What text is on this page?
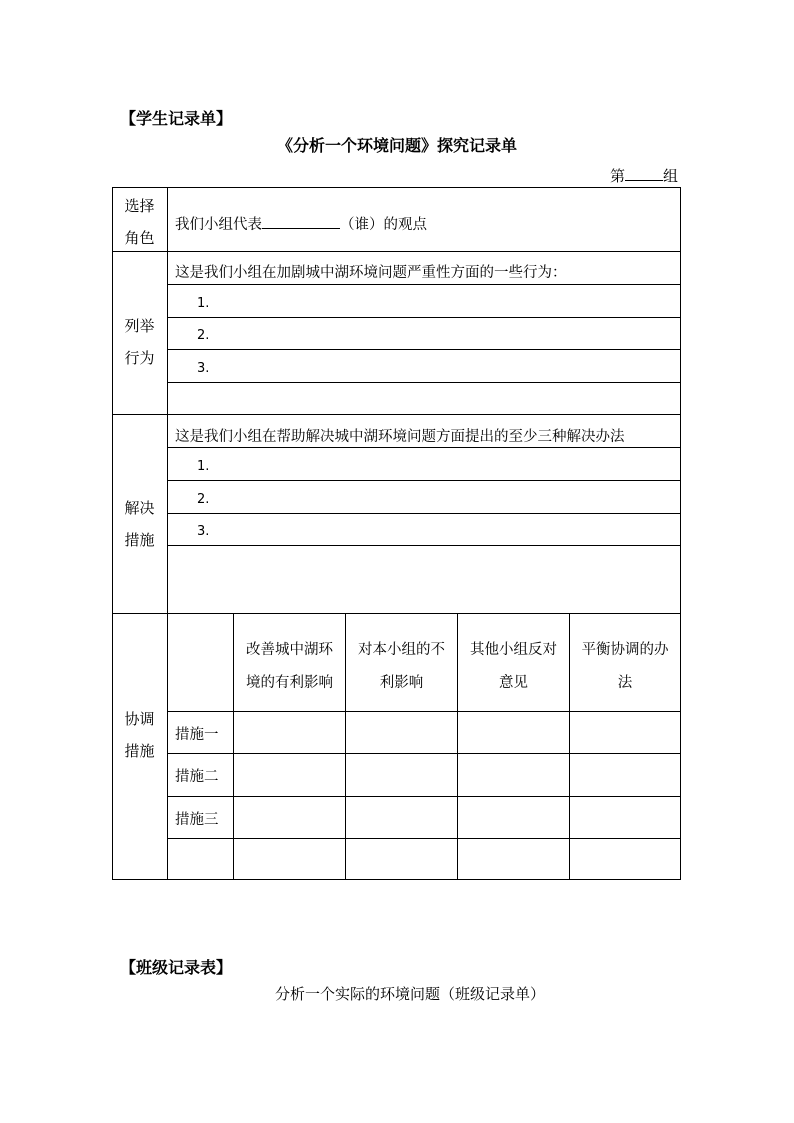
【学生记录单】
《分析一个环境问题》探究记录单
第	组
选择
角色
我们小组代表	（谁）的观点
列举
行为
这是我们小组在加剧城中湖环境问题严重性方面的一些行为：
1.
2.
3.
解决
措施
这是我们小组在帮助解决城中湖环境问题方面提出的至少三种解决办法
1.
2.
3.
协调
措施
改善城中湖环
境的有利影响
对本小组的不
利影响
其他小组反对
意见
平衡协调的办
法
措施一
措施二
措施三
【班级记录表】
分析一个实际的环境问题（班级记录单）
